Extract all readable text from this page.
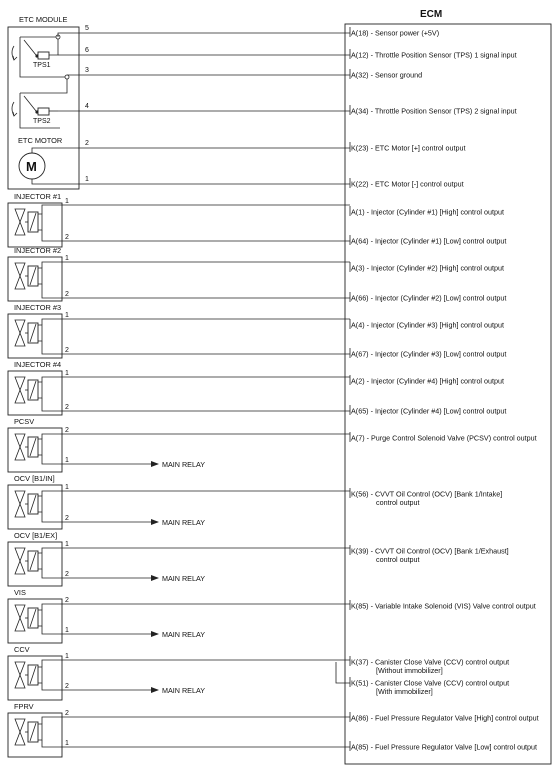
ECM
ETC MODULE
TPS1
TPS2
ETC MOTOR
M
5
6
3
4
2
1
INJECTOR #1
1
2
INJECTOR #2
1
2
INJECTOR #3
1
2
INJECTOR #4
1
2
PCSV
2
1	MAIN RELAY
OCV [B1/IN]
1
2	MAIN RELAY
OCV [B1/EX]
1
2	MAIN RELAY
VIS
2
1	MAIN RELAY
CCV
1
2	MAIN RELAY
FPRV
2
1
A(18) - Sensor power (+5V)
A(12) - Throttle Position Sensor (TPS) 1 signal input
A(32) - Sensor ground
A(34) - Throttle Position Sensor (TPS) 2 signal input
K(23) - ETC Motor [+] control output
K(22) - ETC Motor [-] control output
A(1) - Injector (Cylinder #1) [High] control output
A(64) - Injector (Cylinder #1) [Low] control output
A(3) - Injector (Cylinder #2) [High] control output
A(66) - Injector (Cylinder #2) [Low] control output
A(4) - Injector (Cylinder #3) [High] control output
A(67) - Injector (Cylinder #3) [Low] control output
A(2) - Injector (Cylinder #4) [High] control output
A(65) - Injector (Cylinder #4) [Low] control output
A(7) - Purge Control Solenoid Valve (PCSV) control output
K(56) - CVVT Oil Control (OCV) [Bank 1/Intake]
control output
K(39) - CVVT Oil Control (OCV) [Bank 1/Exhaust]
control output
K(85) - Variable Intake Solenoid (VIS) Valve control output
K(37) - Canister Close Valve (CCV) control output
[Without immobilizer]
K(51) - Canister Close Valve (CCV) control output
[With immobilizer]
A(86) - Fuel Pressure Regulator Valve [High] control output
A(85) - Fuel Pressure Regulator Valve [Low] control output
